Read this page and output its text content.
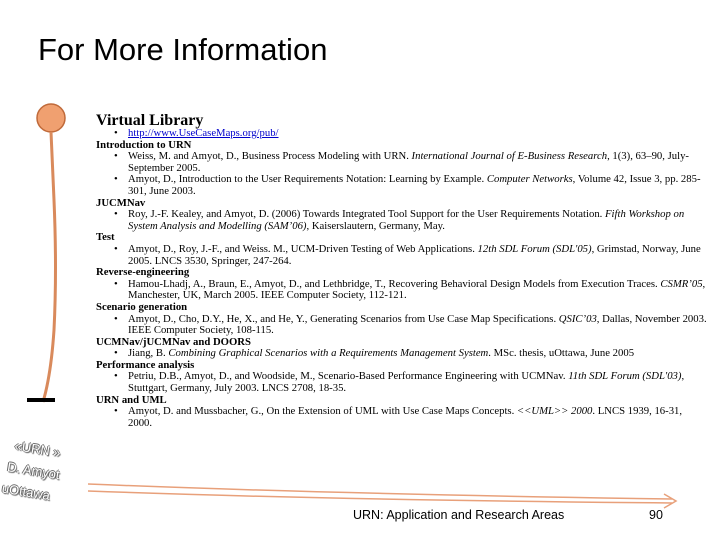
For More Information
«URN »
D. Amyot
uOttawa
Virtual Library
• http://www.UseCaseMaps.org/pub/
Introduction to URN
• Weiss, M. and Amyot, D., Business Process Modeling with URN. International Journal of E-Business Research, 1(3), 63–90, July-September 2005.
• Amyot, D., Introduction to the User Requirements Notation: Learning by Example. Computer Networks, Volume 42, Issue 3, pp. 285-301, June 2003.
JUCMNav
• Roy, J.-F. Kealey, and Amyot, D. (2006) Towards Integrated Tool Support for the User Requirements Notation. Fifth Workshop on System Analysis and Modelling (SAM’06), Kaiserslautern, Germany, May.
Test
• Amyot, D., Roy, J.-F., and Weiss. M., UCM-Driven Testing of Web Applications. 12th SDL Forum (SDL'05), Grimstad, Norway, June 2005. LNCS 3530, Springer, 247-264.
Reverse-engineering
• Hamou-Lhadj, A., Braun, E., Amyot, D., and Lethbridge, T., Recovering Behavioral Design Models from Execution Traces. CSMR’05, Manchester, UK, March 2005. IEEE Computer Society, 112-121.
Scenario generation
• Amyot, D., Cho, D.Y., He, X., and He, Y., Generating Scenarios from Use Case Map Specifications. QSIC’03, Dallas, November 2003. IEEE Computer Society, 108-115.
UCMNav/jUCMNav and DOORS
• Jiang, B. Combining Graphical Scenarios with a Requirements Management System. MSc. thesis, uOttawa, June 2005
Performance analysis
• Petriu, D.B., Amyot, D., and Woodside, M., Scenario-Based Performance Engineering with UCMNav. 11th SDL Forum (SDL'03), Stuttgart, Germany, July 2003. LNCS 2708, 18-35.
URN and UML
• Amyot, D. and Mussbacher, G., On the Extension of UML with Use Case Maps Concepts. <<UML>> 2000. LNCS 1939, 16-31, 2000.
URN: Application and Research Areas	90
